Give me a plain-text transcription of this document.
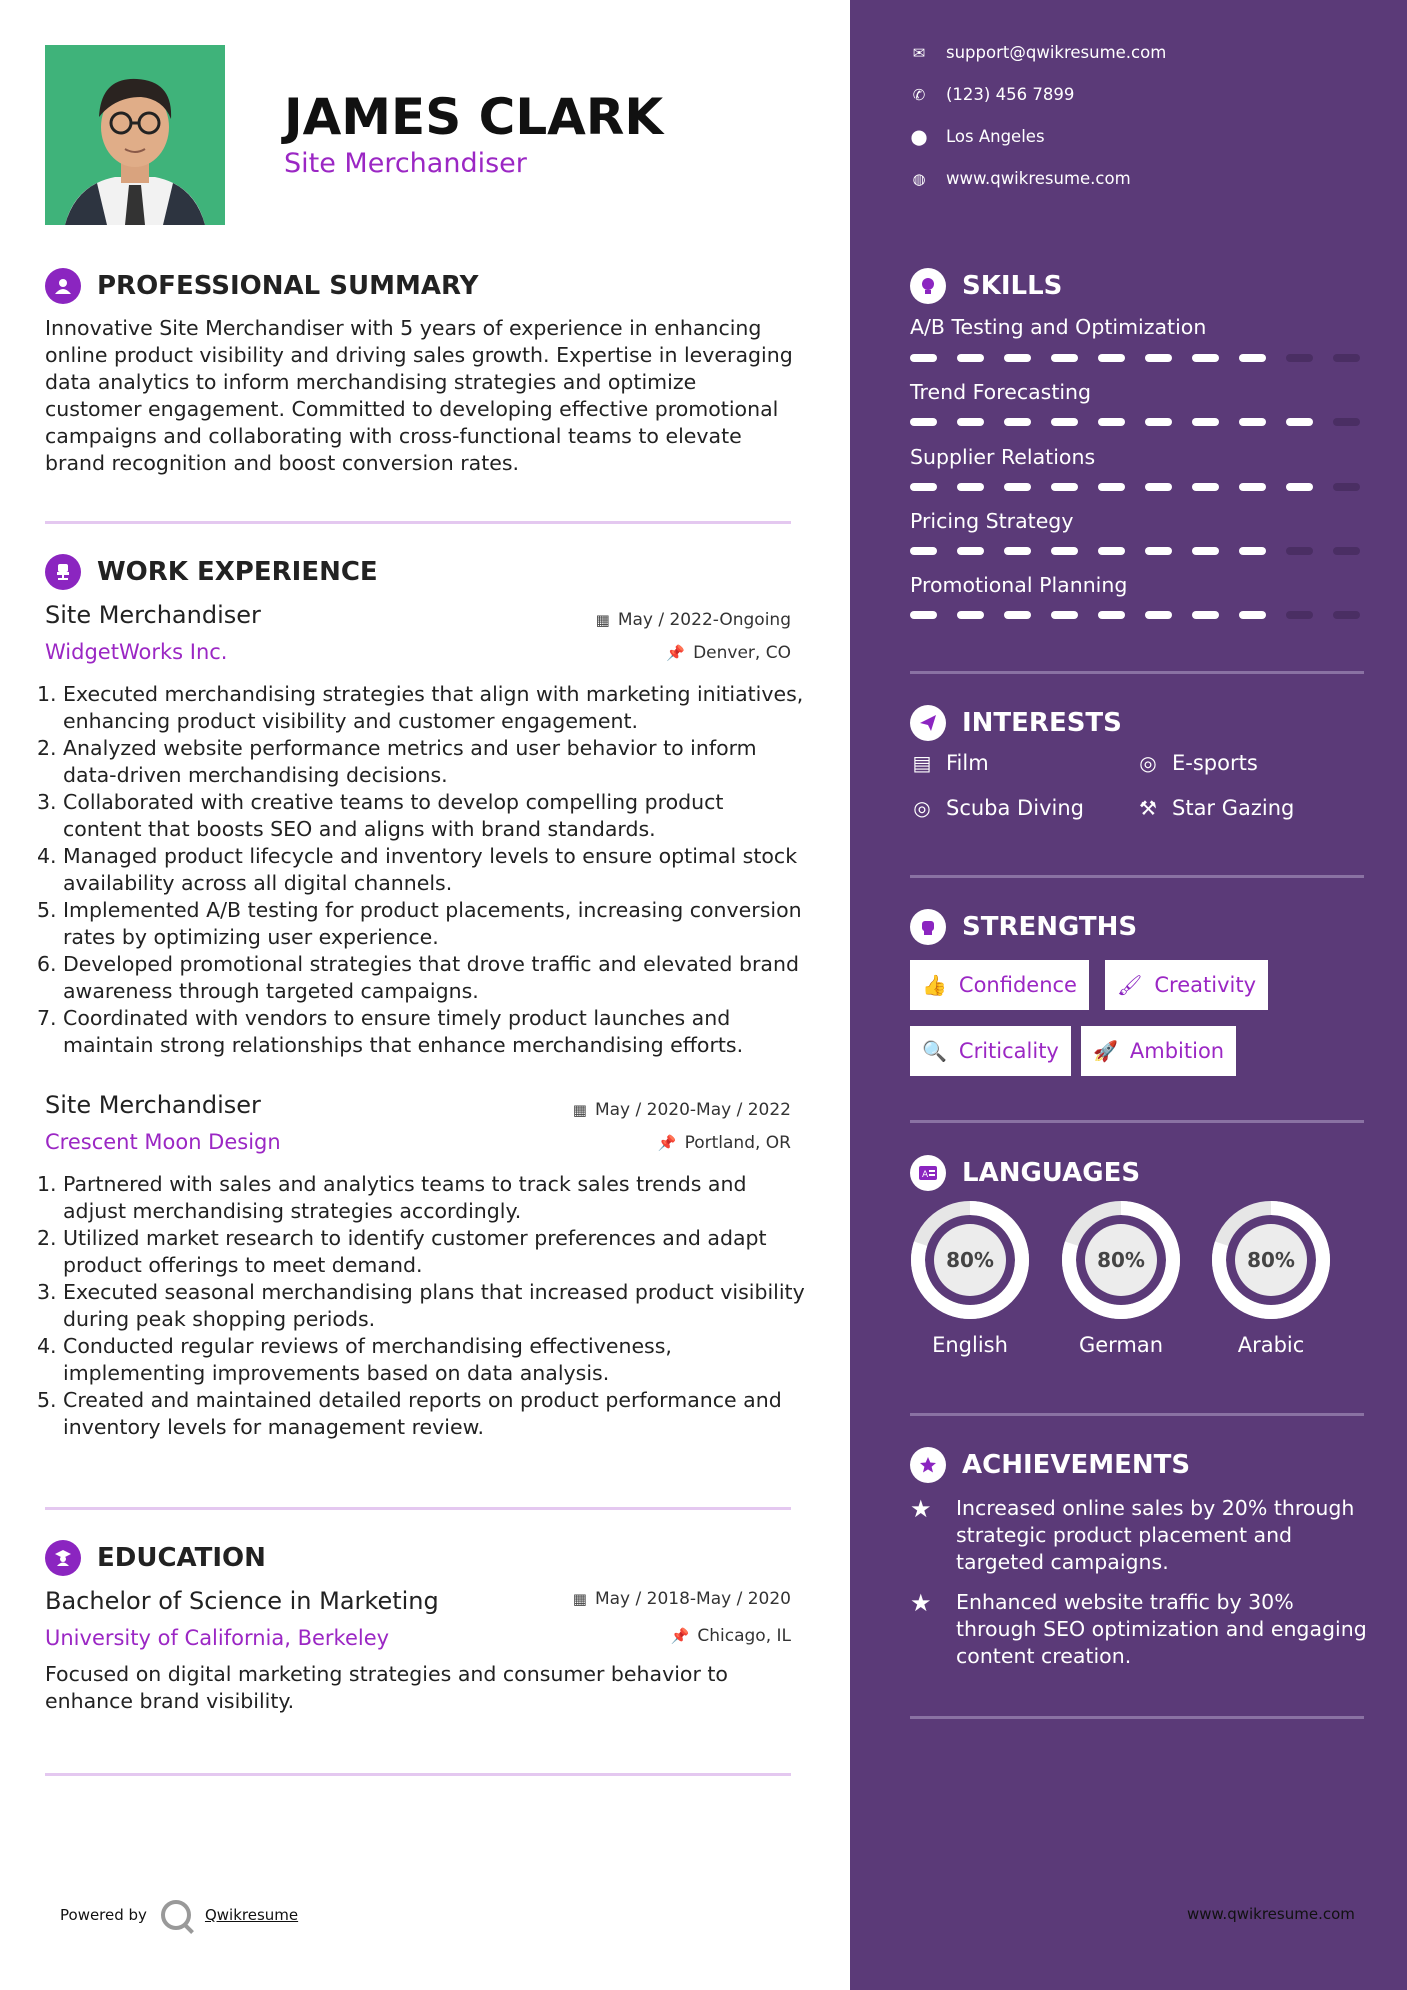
JAMES CLARK
Site Merchandiser
PROFESSIONAL SUMMARY
Innovative Site Merchandiser with 5 years of experience in enhancing online product visibility and driving sales growth. Expertise in leveraging data analytics to inform merchandising strategies and optimize customer engagement. Committed to developing effective promotional campaigns and collaborating with cross-functional teams to elevate brand recognition and boost conversion rates.
WORK EXPERIENCE
Site Merchandiser	▦ May / 2022-Ongoing
WidgetWorks Inc.	📌 Denver, CO
1. Executed merchandising strategies that align with marketing initiatives, enhancing product visibility and customer engagement.
2. Analyzed website performance metrics and user behavior to inform data-driven merchandising decisions.
3. Collaborated with creative teams to develop compelling product content that boosts SEO and aligns with brand standards.
4. Managed product lifecycle and inventory levels to ensure optimal stock availability across all digital channels.
5. Implemented A/B testing for product placements, increasing conversion rates by optimizing user experience.
6. Developed promotional strategies that drove traffic and elevated brand awareness through targeted campaigns.
7. Coordinated with vendors to ensure timely product launches and maintain strong relationships that enhance merchandising efforts.
Site Merchandiser	▦ May / 2020-May / 2022
Crescent Moon Design	📌 Portland, OR
1. Partnered with sales and analytics teams to track sales trends and adjust merchandising strategies accordingly.
2. Utilized market research to identify customer preferences and adapt product offerings to meet demand.
3. Executed seasonal merchandising plans that increased product visibility during peak shopping periods.
4. Conducted regular reviews of merchandising effectiveness, implementing improvements based on data analysis.
5. Created and maintained detailed reports on product performance and inventory levels for management review.
EDUCATION
Bachelor of Science in Marketing	▦ May / 2018-May / 2020
University of California, Berkeley	📌 Chicago, IL
Focused on digital marketing strategies and consumer behavior to enhance brand visibility.
Powered by	Qwikresume
✉ support@qwikresume.com
✆ (123) 456 7899
⬤ Los Angeles
◍ www.qwikresume.com
SKILLS
A/B Testing and Optimization
Trend Forecasting
Supplier Relations
Pricing Strategy
Promotional Planning
INTERESTS
▤ Film	◎ E-sports
◎ Scuba Diving	⚒ Star Gazing
STRENGTHS
👍 Confidence 🖌 Creativity
🔍 Criticality 🚀 Ambition
A LANGUAGES
80%
English
80%
German
80%
Arabic
ACHIEVEMENTS
★	Increased online sales by 20% through strategic product placement and targeted campaigns.
★	Enhanced website traffic by 30% through SEO optimization and engaging content creation.
www.qwikresume.com
